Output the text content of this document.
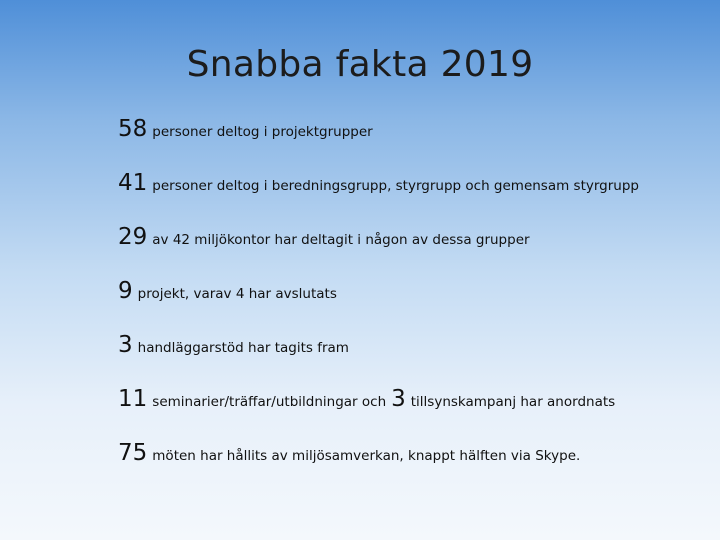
Snabba fakta 2019
58 personer deltog i projektgrupper
41 personer deltog i beredningsgrupp, styrgrupp och gemensam styrgrupp
29 av 42 miljökontor har deltagit i någon av dessa grupper
9 projekt, varav 4 har avslutats
3 handläggarstöd har tagits fram
11 seminarier/träffar/utbildningar och 3 tillsynskampanj har anordnats
75 möten har hållits av miljösamverkan, knappt hälften via Skype.
